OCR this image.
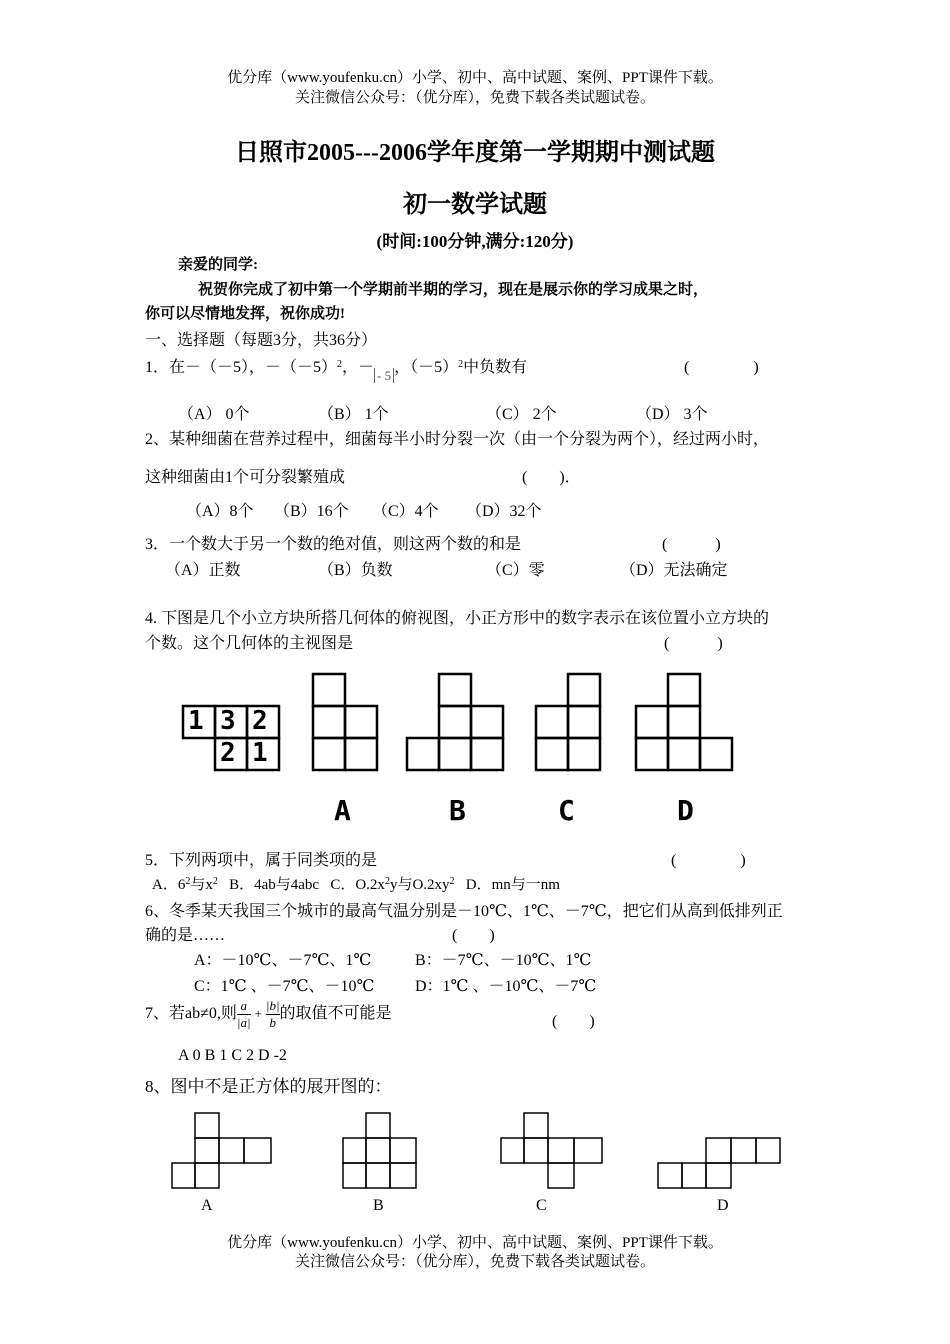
优分库（www.youfenku.cn）小学、初中、高中试题、案例、PPT课件下载。
关注微信公众号：（优分库），免费下载各类试题试卷。
日照市2005---2006学年度第一学期期中测试题
初一数学试题
(时间:100分钟,满分:120分)
亲爱的同学:
祝贺你完成了初中第一个学期前半期的学习，现在是展示你的学习成果之时，
你可以尽情地发挥，祝你成功!
一、选择题（每题3分，共36分）
1．在－（－5），$-(-5)^2$，－ $_{- 5}$ ，$(-5)^2$中负数有	(　　　　)
（A） 0个	（B） 1个	（C） 2个	（D） 3个
2、某种细菌在营养过程中，细菌每半小时分裂一次（由一个分裂为两个），经过两小时，
这种细菌由1个可分裂繁殖成	(　　)．
（A）8个 （B）16个 （C）4个 （D）32个
3．一个数大于另一个数的绝对值，则这两个数的和是	(　　　)
（A）正数	（B）负数	（C）零	（D）无法确定
4. 下图是几个小立方块所搭几何体的俯视图，小正方形中的数字表示在该位置小立方块的
个数。这个几何体的主视图是	(　　　)
1 3 2
2 1
A	B	C	D
5．下列两项中，属于同类项的是	(　　　　)
A．$6^2$与$x^2$ B．4ab与4abc C．$O.2x^2y$与$O.2xy^2$ D．mn与一nm
6、冬季某天我国三个城市的最高气温分别是－10℃、1℃、－7℃，把它们从高到低排列正
确的是……	(　　)
A：－10℃、－7℃、1℃	B：－7℃、－10℃、1℃
C：1℃ 、－7℃、－10℃	D：1℃ 、－10℃、－7℃
7、若ab≠0,则 $\frac{a}{|a|} + \frac{|b|}{b}$ 的取值不可能是	(　　)
A 0 B 1 C 2 D -2
8、图中不是正方体的展开图的：
A	B	C	D
优分库（www.youfenku.cn）小学、初中、高中试题、案例、PPT课件下载。
关注微信公众号：（优分库），免费下载各类试题试卷。
